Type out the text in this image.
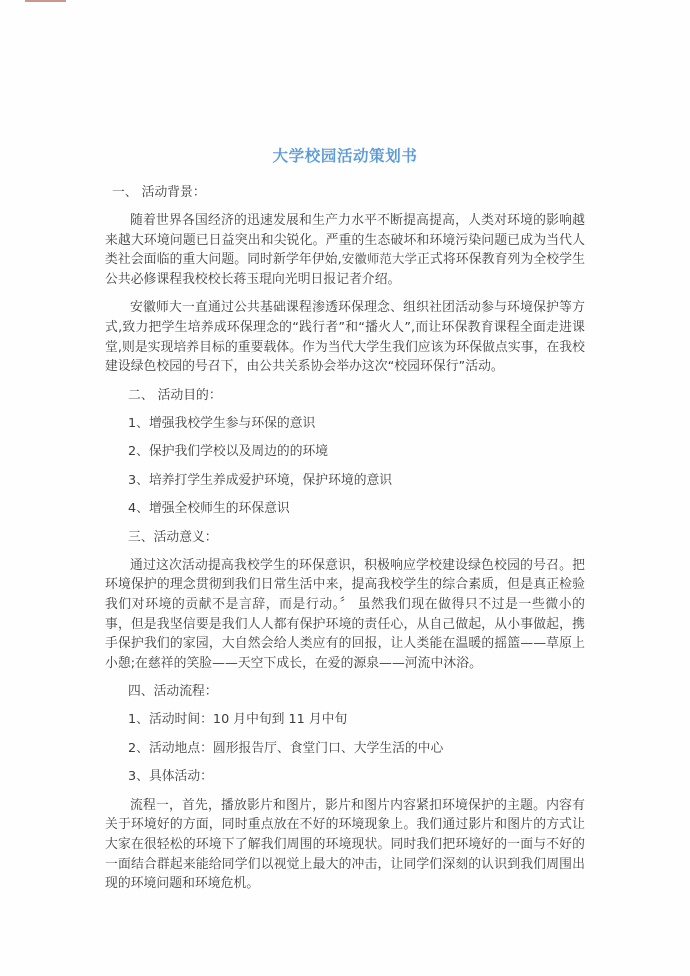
大学校园活动策划书

一、 活动背景：

随着世界各国经济的迅速发展和生产力水平不断提高提高，人类对环境的影响越来越大环境问题已日益突出和尖锐化。严重的生态破坏和环境污染问题已成为当代人类社会面临的重大问题。同时新学年伊始,安徽师范大学正式将环保教育列为全校学生公共必修课程我校校长蒋玉琨向光明日报记者介绍。

安徽师大一直通过公共基础课程渗透环保理念、组织社团活动参与环境保护等方式,致力把学生培养成环保理念的“践行者”和“播火人”,而让环保教育课程全面走进课堂,则是实现培养目标的重要载体。作为当代大学生我们应该为环保做点实事，在我校建设绿色校园的号召下，由公共关系协会举办这次“校园环保行”活动。

二、 活动目的：

1、增强我校学生参与环保的意识

2、保护我们学校以及周边的的环境

3、培养打学生养成爱护环境，保护环境的意识

4、增强全校师生的环保意识

三、活动意义：

通过这次活动提高我校学生的环保意识，积极响应学校建设绿色校园的号召。把环境保护的理念贯彻到我们日常生活中来，提高我校学生的综合素质，但是真正检验我们对环境的贡献不是言辞，而是行动。〞 虽然我们现在做得只不过是一些微小的事，但是我坚信要是我们人人都有保护环境的责任心，从自己做起，从小事做起，携手保护我们的家园，大自然会给人类应有的回报，让人类能在温暖的摇篮——草原上小憩;在慈祥的笑脸——天空下成长，在爱的源泉——河流中沐浴。

四、活动流程：

1、活动时间：10 月中旬到 11 月中旬

2、活动地点：圆形报告厅、食堂门口、大学生活的中心

3、具体活动：

流程一，首先，播放影片和图片，影片和图片内容紧扣环境保护的主题。内容有关于环境好的方面，同时重点放在不好的环境现象上。我们通过影片和图片的方式让大家在很轻松的环境下了解我们周围的环境现状。同时我们把环境好的一面与不好的一面结合群起来能给同学们以视觉上最大的冲击，让同学们深刻的认识到我们周围出现的环境问题和环境危机。
